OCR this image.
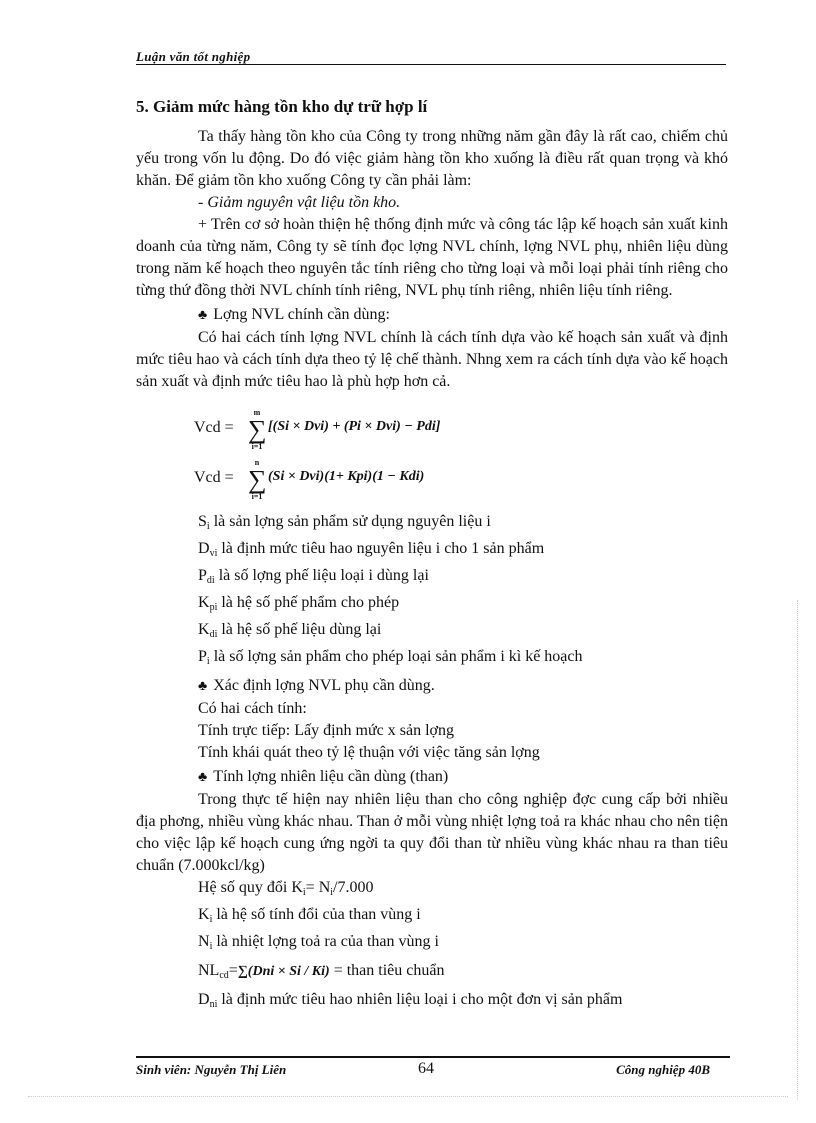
Luận văn tốt nghiệp
5. Giảm mức hàng tồn kho dự trữ hợp lí

Ta thấy hàng tồn kho của Công ty trong những năm gần đây là rất cao, chiếm chủ yếu trong vốn lu động. Do đó việc giảm hàng tồn kho xuống là điều rất quan trọng và khó khăn. Để giảm tồn kho xuống Công ty cần phải làm:

- Giảm nguyên vật liệu tồn kho.

+ Trên cơ sở hoàn thiện hệ thống định mức và công tác lập kế hoạch sản xuất kinh doanh của từng năm, Công ty sẽ tính đọc lợng NVL chính, lợng NVL phụ, nhiên liệu dùng trong năm kế hoạch theo nguyên tắc tính riêng cho từng loại và mỗi loại phải tính riêng cho từng thứ đồng thời NVL chính tính riêng, NVL phụ tính riêng, nhiên liệu tính riêng.

♣ Lợng NVL chính cần dùng:

Có hai cách tính lợng NVL chính là cách tính dựa vào kế hoạch sản xuất và định mức tiêu hao và cách tính dựa theo tỷ lệ chế thành. Nhng xem ra cách tính dựa vào kế hoạch sản xuất và định mức tiêu hao là phù hợp hơn cả.

Vcd =
m
∑
i=1
[(Si × Dvi) + (Pi × Dvi) − Pdi]
Vcd =
n
∑
i=1
(Si × Dvi)(1+ Kpi)(1 − Kdi)
$S_i$ là sản lợng sản phẩm sử dụng nguyên liệu i
$D_{vi}$ là định mức tiêu hao nguyên liệu i cho 1 sản phẩm
$P_{di}$ là số lợng phế liệu loại i dùng lại
$K_{pi}$ là hệ số phế phẩm cho phép
$K_{di}$ là hệ số phế liệu dùng lại
$P_i$ là số lợng sản phẩm cho phép loại sản phẩm i kì kế hoạch
♣ Xác định lợng NVL phụ cần dùng.
Có hai cách tính:
Tính trực tiếp: Lấy định mức x sản lợng
Tính khái quát theo tỷ lệ thuận với việc tăng sản lợng
♣ Tính lợng nhiên liệu cần dùng (than)

Trong thực tế hiện nay nhiên liệu than cho công nghiệp đợc cung cấp bởi nhiều địa phơng, nhiều vùng khác nhau. Than ở mỗi vùng nhiệt lợng toả ra khác nhau cho nên tiện cho việc lập kế hoạch cung ứng ngời ta quy đổi than từ nhiều vùng khác nhau ra than tiêu chuẩn (7.000kcl/kg)

Hệ số quy đổi $K_i= N_i/7.000$
$K_i$ là hệ số tính đổi của than vùng i
$N_i$ là nhiệt lợng toả ra của than vùng i
$NL_{cd}=\sum(Dni \times Si / Ki)$ = than tiêu chuẩn
$D_{ni}$ là định mức tiêu hao nhiên liệu loại i cho một đơn vị sản phẩm
Sinh viên: Nguyễn Thị Liên	64	Công nghiệp 40B
